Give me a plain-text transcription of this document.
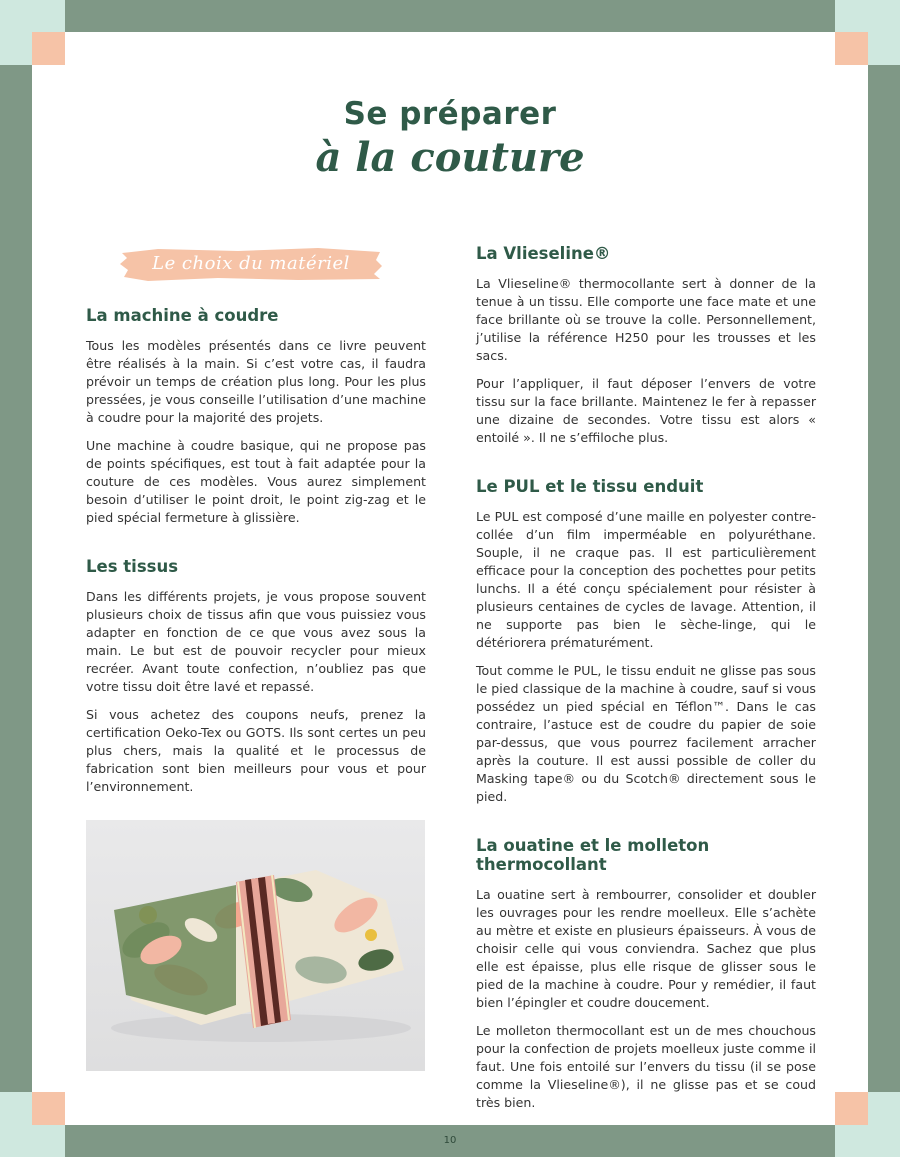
Se préparer
à la couture
Le choix du matériel
La machine à coudre

Tous les modèles présentés dans ce livre peuvent être réalisés à la main. Si c’est votre cas, il faudra prévoir un temps de création plus long. Pour les plus pressées, je vous conseille l’utilisation d’une machine à coudre pour la majorité des projets.

Une machine à coudre basique, qui ne propose pas de points spécifiques, est tout à fait adaptée pour la couture de ces modèles. Vous aurez simplement besoin d’utiliser le point droit, le point zig-zag et le pied spécial fermeture à glissière.

Les tissus

Dans les différents projets, je vous propose souvent plusieurs choix de tissus afin que vous puissiez vous adapter en fonction de ce que vous avez sous la main. Le but est de pouvoir recycler pour mieux recréer. Avant toute confection, n’oubliez pas que votre tissu doit être lavé et repassé.

Si vous achetez des coupons neufs, prenez la certification Oeko-Tex ou GOTS. Ils sont certes un peu plus chers, mais la qualité et le processus de fabrication sont bien meilleurs pour vous et pour l’environnement.

La Vlieseline®

La Vlieseline® thermocollante sert à donner de la tenue à un tissu. Elle comporte une face mate et une face brillante où se trouve la colle. Personnellement, j’utilise la référence H250 pour les trousses et les sacs.

Pour l’appliquer, il faut déposer l’envers de votre tissu sur la face brillante. Maintenez le fer à repasser une dizaine de secondes. Votre tissu est alors « entoilé ». Il ne s’effiloche plus.

Le PUL et le tissu enduit

Le PUL est composé d’une maille en polyester contre-collée d’un film imperméable en polyuréthane. Souple, il ne craque pas. Il est particulièrement efficace pour la conception des pochettes pour petits lunchs. Il a été conçu spécialement pour résister à plusieurs centaines de cycles de lavage. Attention, il ne supporte pas bien le sèche-linge, qui le détériorera prématurément.

Tout comme le PUL, le tissu enduit ne glisse pas sous le pied classique de la machine à coudre, sauf si vous possédez un pied spécial en Téflon™. Dans le cas contraire, l’astuce est de coudre du papier de soie par-dessus, que vous pourrez facilement arracher après la couture. Il est aussi possible de coller du Masking tape® ou du Scotch® directement sous le pied.

La ouatine et le molleton thermocollant

La ouatine sert à rembourrer, consolider et doubler les ouvrages pour les rendre moelleux. Elle s’achète au mètre et existe en plusieurs épaisseurs. À vous de choisir celle qui vous conviendra. Sachez que plus elle est épaisse, plus elle risque de glisser sous le pied de la machine à coudre. Pour y remédier, il faut bien l’épingler et coudre doucement.

Le molleton thermocollant est un de mes chouchous pour la confection de projets moelleux juste comme il faut. Une fois entoilé sur l’envers du tissu (il se pose comme la Vlieseline®), il ne glisse pas et se coud très bien.

10
